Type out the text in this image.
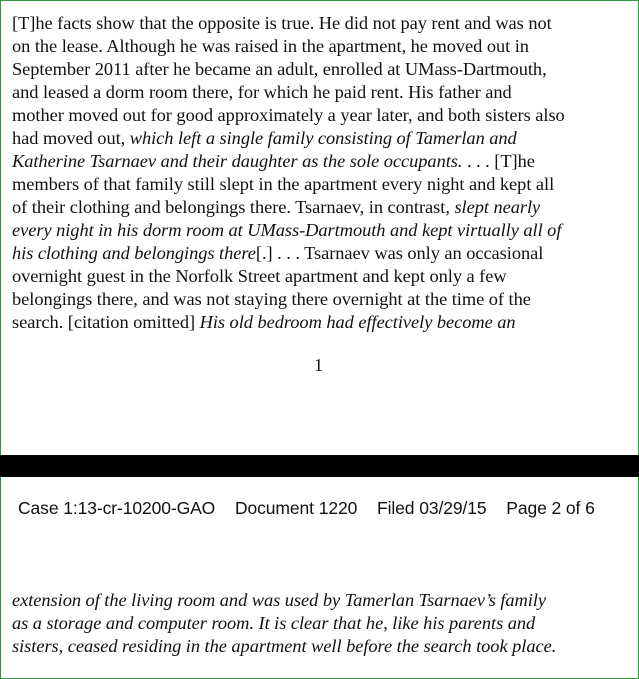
[T]he facts show that the opposite is true. He did not pay rent and was not
on the lease. Although he was raised in the apartment, he moved out in
September 2011 after he became an adult, enrolled at UMass-Dartmouth,
and leased a dorm room there, for which he paid rent. His father and
mother moved out for good approximately a year later, and both sisters also
had moved out, which left a single family consisting of Tamerlan and
Katherine Tsarnaev and their daughter as the sole occupants. . . . [T]he
members of that family still slept in the apartment every night and kept all
of their clothing and belongings there. Tsarnaev, in contrast, slept nearly
every night in his dorm room at UMass-Dartmouth and kept virtually all of
his clothing and belongings there[.] . . . Tsarnaev was only an occasional
overnight guest in the Norfolk Street apartment and kept only a few
belongings there, and was not staying there overnight at the time of the
search. [citation omitted] His old bedroom had effectively become an
1
Case 1:13-cr-10200-GAO Document 1220 Filed 03/29/15 Page 2 of 6
extension of the living room and was used by Tamerlan Tsarnaev’s family
as a storage and computer room. It is clear that he, like his parents and
sisters, ceased residing in the apartment well before the search took place.
